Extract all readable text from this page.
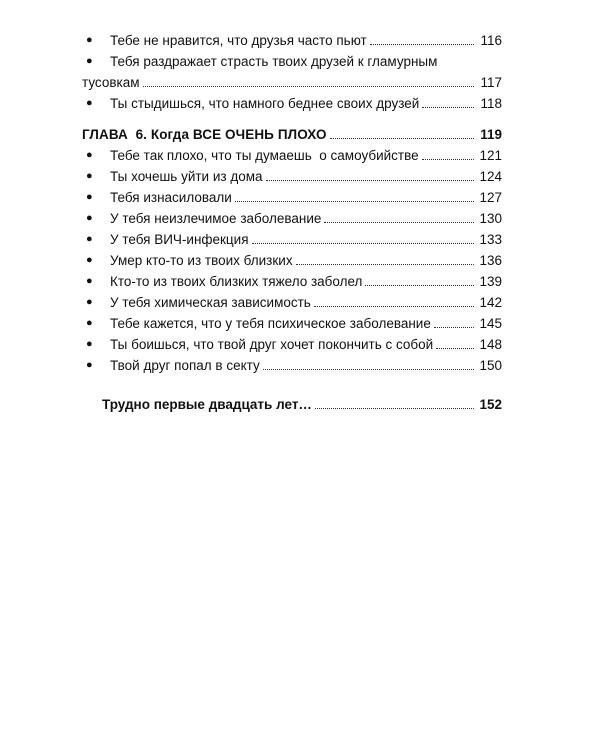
● Тебе не нравится, что друзья часто пьют	116
● Тебя раздражает страсть твоих друзей к гламурным
тусовкам	117
● Ты стыдишься, что намного беднее своих друзей	118
ГЛАВА  6. Когда ВСЕ ОЧЕНЬ ПЛОХО	119
● Тебе так плохо, что ты думаешь  о самоубийстве	121
● Ты хочешь уйти из дома	124
● Тебя изнасиловали	127
● У тебя неизлечимое заболевание	130
● У тебя ВИЧ-инфекция	133
● Умер кто-то из твоих близких	136
● Кто-то из твоих близких тяжело заболел	139
● У тебя химическая зависимость	142
● Тебе кажется, что у тебя психическое заболевание	145
● Ты боишься, что твой друг хочет покончить с собой	148
● Твой друг попал в секту	150
Трудно первые двадцать лет…	152
